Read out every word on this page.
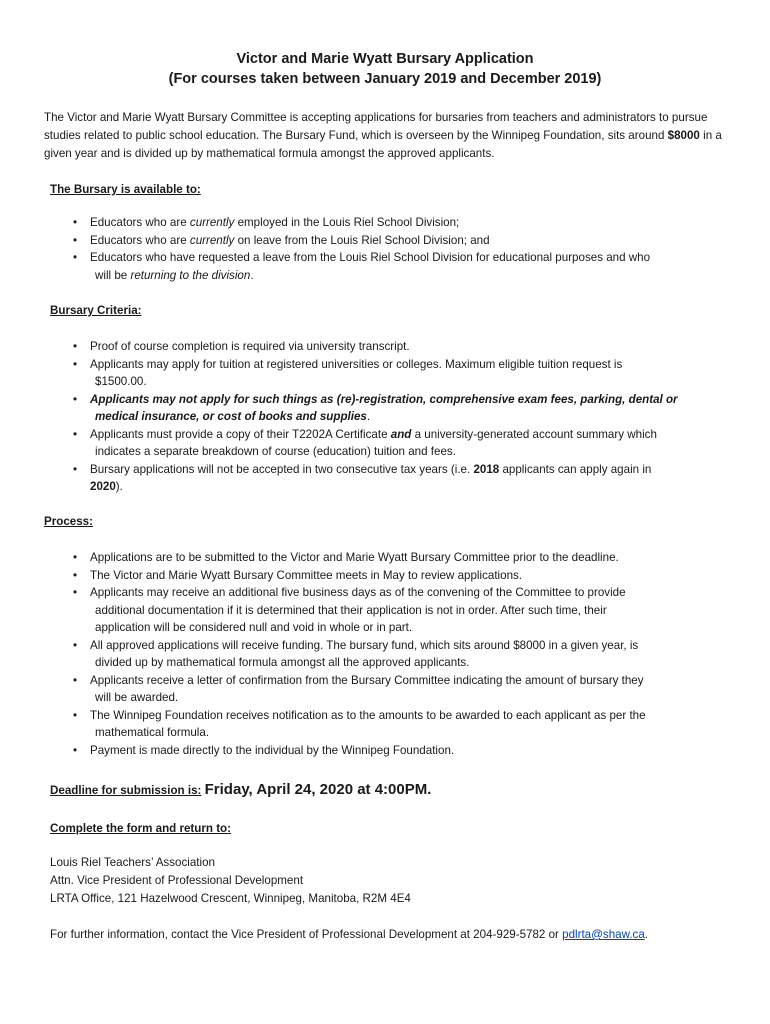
Victor and Marie Wyatt Bursary Application
(For courses taken between January 2019 and December 2019)

The Victor and Marie Wyatt Bursary Committee is accepting applications for bursaries from teachers and administrators to pursue studies related to public school education. The Bursary Fund, which is overseen by the Winnipeg Foundation, sits around $8000 in a given year and is divided up by mathematical formula amongst the approved applicants.

The Bursary is available to:

• Educators who are currently employed in the Louis Riel School Division;
• Educators who are currently on leave from the Louis Riel School Division; and
• Educators who have requested a leave from the Louis Riel School Division for educational purposes and who
will be returning to the division.

Bursary Criteria:

• Proof of course completion is required via university transcript.
• Applicants may apply for tuition at registered universities or colleges. Maximum eligible tuition request is
$1500.00.
• Applicants may not apply for such things as (re)-registration, comprehensive exam fees, parking, dental or
medical insurance, or cost of books and supplies.
• Applicants must provide a copy of their T2202A Certificate and a university-generated account summary which
indicates a separate breakdown of course (education) tuition and fees.
• Bursary applications will not be accepted in two consecutive tax years (i.e. 2018 applicants can apply again in
2020).

Process:

• Applications are to be submitted to the Victor and Marie Wyatt Bursary Committee prior to the deadline.
• The Victor and Marie Wyatt Bursary Committee meets in May to review applications.
• Applicants may receive an additional five business days as of the convening of the Committee to provide
additional documentation if it is determined that their application is not in order. After such time, their
application will be considered null and void in whole or in part.
• All approved applications will receive funding. The bursary fund, which sits around $8000 in a given year, is
divided up by mathematical formula amongst all the approved applicants.
• Applicants receive a letter of confirmation from the Bursary Committee indicating the amount of bursary they
will be awarded.
• The Winnipeg Foundation receives notification as to the amounts to be awarded to each applicant as per the
mathematical formula.
• Payment is made directly to the individual by the Winnipeg Foundation.

Deadline for submission is: Friday, April 24, 2020 at 4:00PM.

Complete the form and return to:

Louis Riel Teachers’ Association

Attn. Vice President of Professional Development

LRTA Office, 121 Hazelwood Crescent, Winnipeg, Manitoba, R2M 4E4

For further information, contact the Vice President of Professional Development at 204-929-5782 or pdlrta@shaw.ca.
